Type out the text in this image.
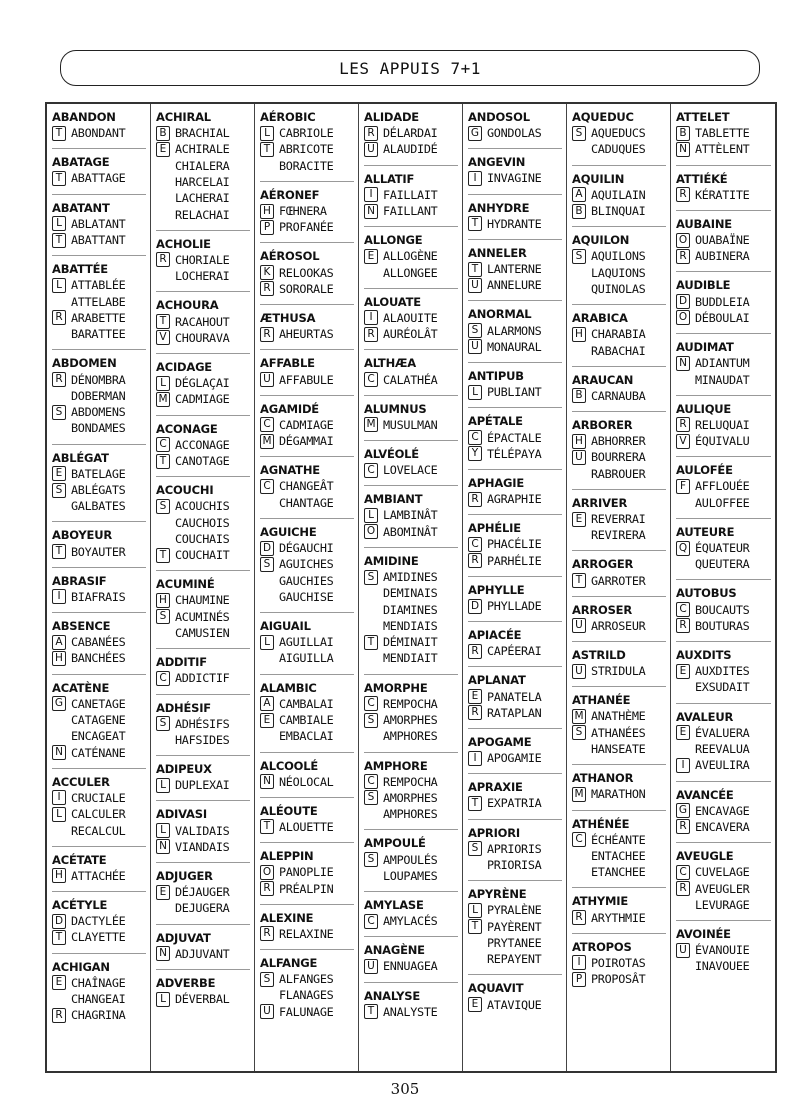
LES APPUIS 7+1
ABANDON
T ABONDANT
ABATAGE
T ABATTAGE
ABATANT
L ABLATANT
T ABATTANT
ABATTÉE
L ATTABLÉE
ATTELABE
R ARABETTE
BARATTEE
ABDOMEN
R DÉNOMBRA
DOBERMAN
S ABDOMENS
BONDAMES
ABLÉGAT
E BATELAGE
S ABLÉGATS
GALBATES
ABOYEUR
T BOYAUTER
ABRASIF
I BIAFRAIS
ABSENCE
A CABANÉES
H BANCHÉES
ACATÈNE
G CANETAGE
CATAGENE
ENCAGEAT
N CATÉNANE
ACCULER
I CRUCIALE
L CALCULER
RECALCUL
ACÉTATE
H ATTACHÉE
ACÉTYLE
D DACTYLÉE
T CLAYETTE
ACHIGAN
E CHAÎNAGE
CHANGEAI
R CHAGRINA
ACHIRAL
B BRACHIAL
E ACHIRALE
CHIALERA
HARCELAI
LACHERAI
RELACHAI
ACHOLIE
R CHORIALE
LOCHERAI
ACHOURA
T RACAHOUT
V CHOURAVA
ACIDAGE
L DÉGLAÇAI
M CADMIAGE
ACONAGE
C ACCONAGE
T CANOTAGE
ACOUCHI
S ACOUCHIS
CAUCHOIS
COUCHAIS
T COUCHAIT
ACUMINÉ
H CHAUMINE
S ACUMINÉS
CAMUSIEN
ADDITIF
C ADDICTIF
ADHÉSIF
S ADHÉSIFS
HAFSIDES
ADIPEUX
L DUPLEXAI
ADIVASI
L VALIDAIS
N VIANDAIS
ADJUGER
E DÉJAUGER
DEJUGERA
ADJUVAT
N ADJUVANT
ADVERBE
L DÉVERBAL
AÉROBIC
L CABRIOLE
T ABRICOTE
BORACITE
AÉRONEF
H FŒHNERA
P PROFANÉE
AÉROSOL
K RELOOKAS
R SORORALE
ÆTHUSA
R AHEURTAS
AFFABLE
U AFFABULE
AGAMIDÉ
C CADMIAGE
M DÉGAMMAI
AGNATHE
C CHANGEÂT
CHANTAGE
AGUICHE
D DÉGAUCHI
S AGUICHES
GAUCHIES
GAUCHISE
AIGUAIL
L AGUILLAI
AIGUILLA
ALAMBIC
A CAMBALAI
E CAMBIALE
EMBACLAI
ALCOOLÉ
N NÉOLOCAL
ALÉOUTE
T ALOUETTE
ALEPPIN
O PANOPLIE
R PRÉALPIN
ALEXINE
R RELAXINE
ALFANGE
S ALFANGES
FLANAGES
U FALUNAGE
ALIDADE
R DÉLARDAI
U ALAUDIDÉ
ALLATIF
I FAILLAIT
N FAILLANT
ALLONGE
E ALLOGÈNE
ALLONGEE
ALOUATE
I ALAOUITE
R AURÉOLÂT
ALTHÆA
C CALATHÉA
ALUMNUS
M MUSULMAN
ALVÉOLÉ
C LOVELACE
AMBIANT
L LAMBINÂT
O ABOMINÂT
AMIDINE
S AMIDINES
DEMINAIS
DIAMINES
MENDIAIS
T DÉMINAIT
MENDIAIT
AMORPHE
C REMPOCHA
S AMORPHES
AMPHORES
AMPHORE
C REMPOCHA
S AMORPHES
AMPHORES
AMPOULÉ
S AMPOULÉS
LOUPAMES
AMYLASE
C AMYLACÉS
ANAGÈNE
U ENNUAGEA
ANALYSE
T ANALYSTE
ANDOSOL
G GONDOLAS
ANGEVIN
I INVAGINE
ANHYDRE
T HYDRANTE
ANNELER
T LANTERNE
U ANNELURE
ANORMAL
S ALARMONS
U MONAURAL
ANTIPUB
L PUBLIANT
APÉTALE
C ÉPACTALE
Y TÉLÉPAYA
APHAGIE
R AGRAPHIE
APHÉLIE
C PHACÉLIE
R PARHÉLIE
APHYLLE
D PHYLLADE
APIACÉE
R CAPÉERAI
APLANAT
E PANATELA
R RATAPLAN
APOGAME
I APOGAMIE
APRAXIE
T EXPATRIA
APRIORI
S APRIORIS
PRIORISA
APYRÈNE
L PYRALÈNE
T PAYÈRENT
PRYTANEE
REPAYENT
AQUAVIT
E ATAVIQUE
AQUEDUC
S AQUEDUCS
CADUQUES
AQUILIN
A AQUILAIN
B BLINQUAI
AQUILON
S AQUILONS
LAQUIONS
QUINOLAS
ARABICA
H CHARABIA
RABACHAI
ARAUCAN
B CARNAUBA
ARBORER
H ABHORRER
U BOURRERA
RABROUER
ARRIVER
E REVERRAI
REVIRERA
ARROGER
T GARROTER
ARROSER
U ARROSEUR
ASTRILD
U STRIDULA
ATHANÉE
M ANATHÈME
S ATHANÉES
HANSEATE
ATHANOR
M MARATHON
ATHÉNÉE
C ÉCHÉANTE
ENTACHEE
ETANCHEE
ATHYMIE
R ARYTHMIE
ATROPOS
I POIROTAS
P PROPOSÂT
ATTELET
B TABLETTE
N ATTÈLENT
ATTIÉKÉ
R KÉRATITE
AUBAINE
O OUABAÏNE
R AUBINERA
AUDIBLE
D BUDDLEIA
O DÉBOULAI
AUDIMAT
N ADIANTUM
MINAUDAT
AULIQUE
R RELUQUAI
V ÉQUIVALU
AULOFÉE
F AFFLOUÉE
AULOFFEE
AUTEURE
Q ÉQUATEUR
QUEUTERA
AUTOBUS
C BOUCAUTS
R BOUTURAS
AUXDITS
E AUXDITES
EXSUDAIT
AVALEUR
E ÉVALUERA
REEVALUA
I AVEULIRA
AVANCÉE
G ENCAVAGE
R ENCAVERA
AVEUGLE
C CUVELAGE
R AVEUGLER
LEVURAGE
AVOINÉE
U ÉVANOUIE
INAVOUEE
305
